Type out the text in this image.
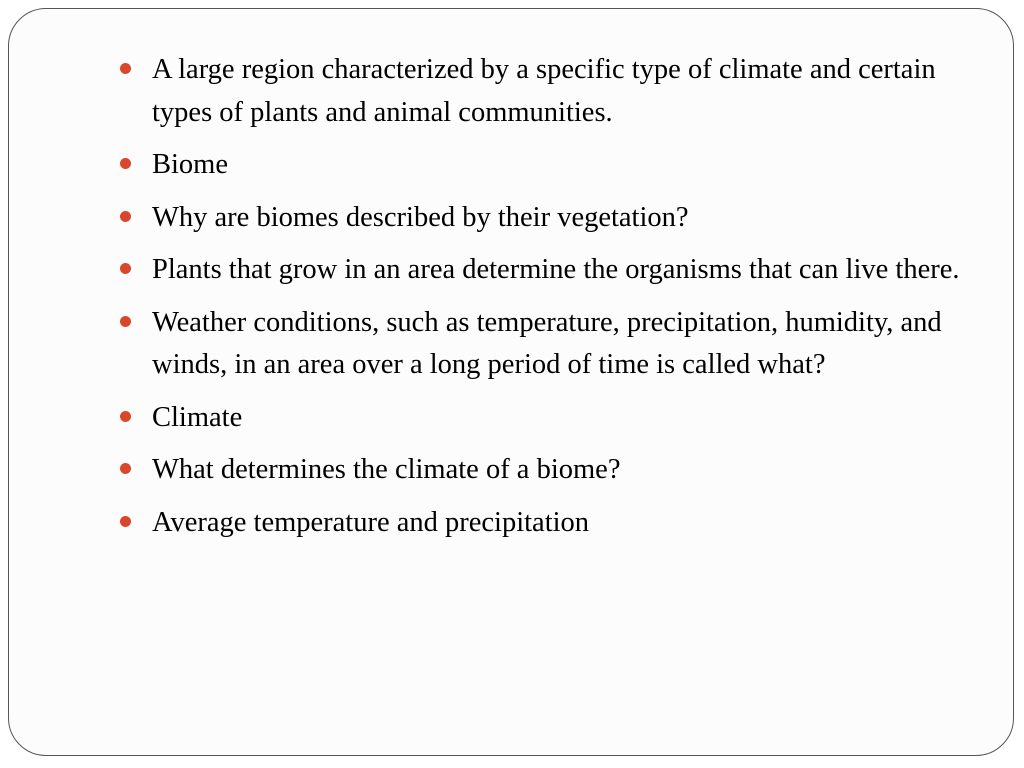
A large region characterized by a specific type of climate and certain types of plants and animal communities.
Biome
Why are biomes described by their vegetation?
Plants that grow in an area determine the organisms that can live there.
Weather conditions, such as temperature, precipitation, humidity, and winds, in an area over a long period of time is called what?
Climate
What determines the climate of a biome?
Average temperature and precipitation
